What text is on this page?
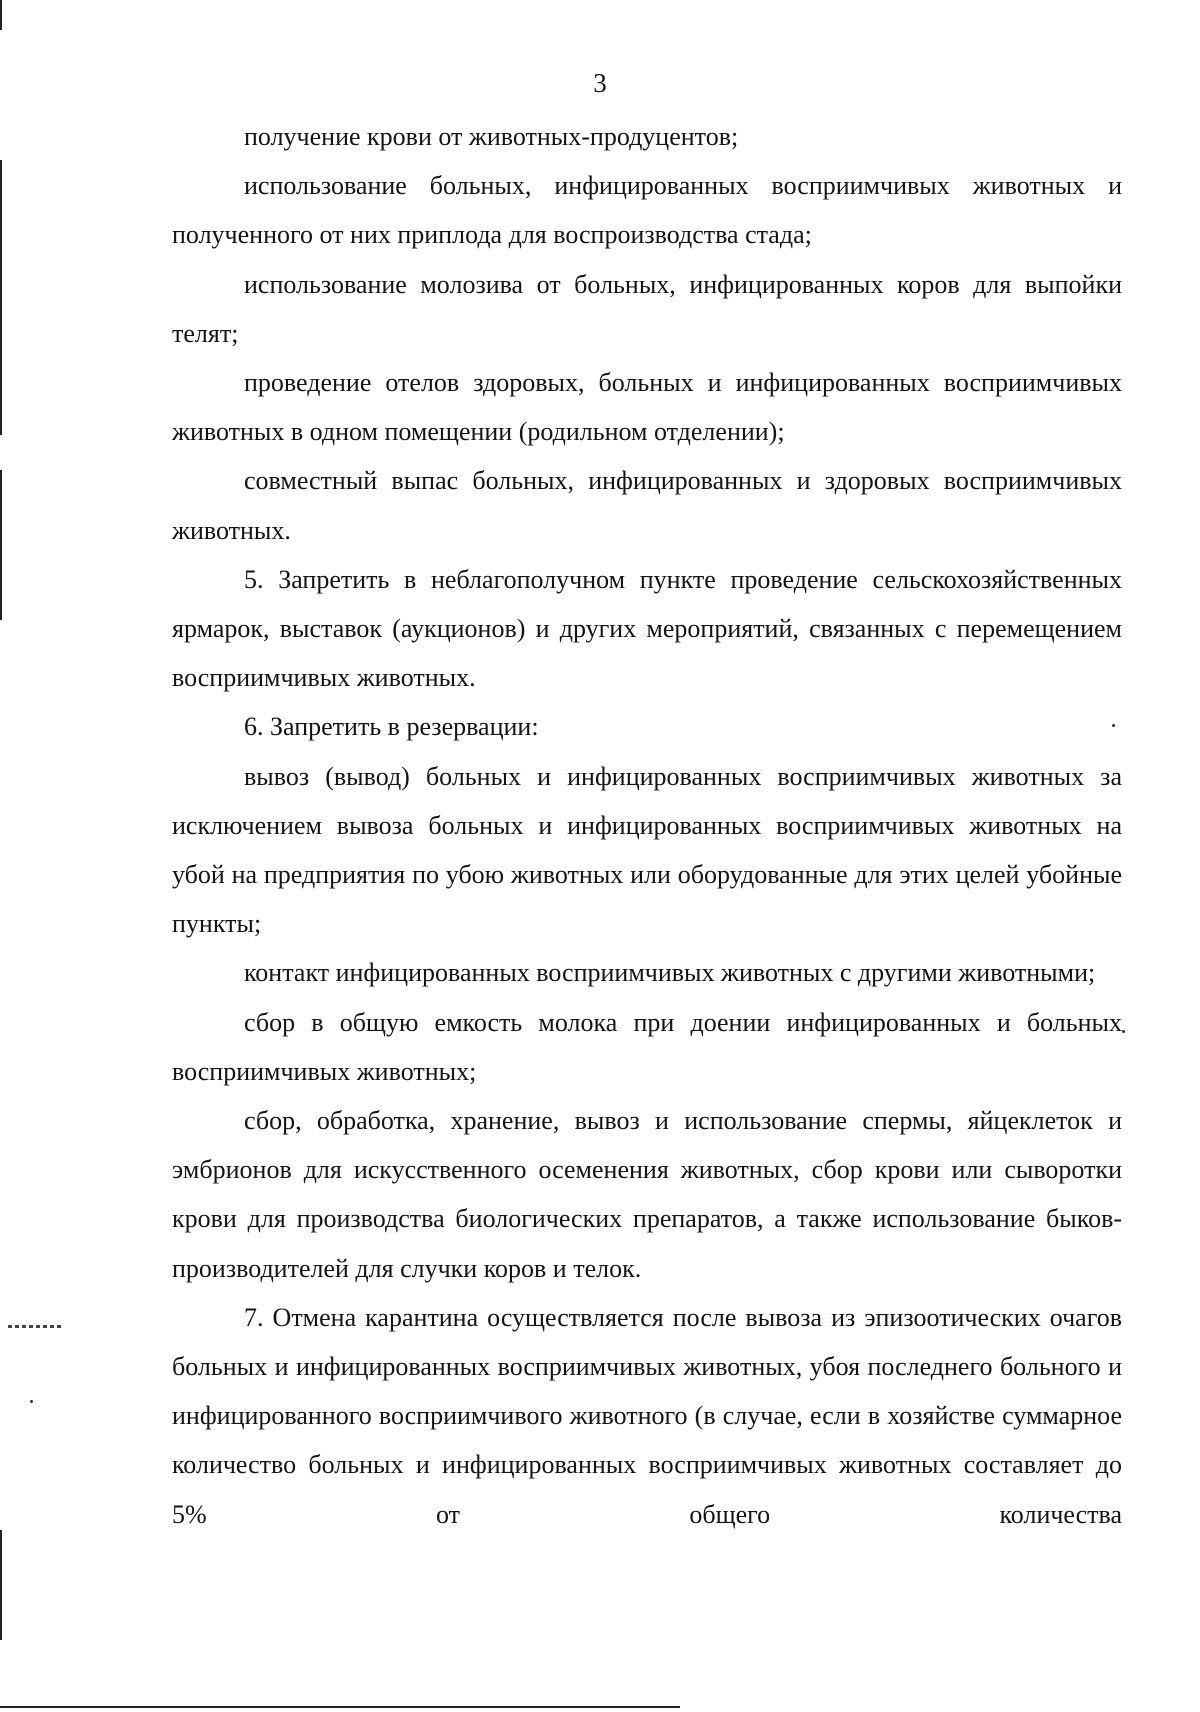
3

получение крови от животных-продуцентов;

использование больных, инфицированных восприимчивых животных и полученного от них приплода для воспроизводства стада;

использование молозива от больных, инфицированных коров для выпойки телят;

проведение отелов здоровых, больных и инфицированных восприимчивых животных в одном помещении (родильном отделении);

совместный выпас больных, инфицированных и здоровых восприимчивых животных.

5. Запретить в неблагополучном пункте проведение сельскохозяйственных ярмарок, выставок (аукционов) и других мероприятий, связанных с перемещением восприимчивых животных.

6. Запретить в резервации:

вывоз (вывод) больных и инфицированных восприимчивых животных за исключением вывоза больных и инфицированных восприимчивых животных на убой на предприятия по убою животных или оборудованные для этих целей убойные пункты;

контакт инфицированных восприимчивых животных с другими животными;

сбор в общую емкость молока при доении инфицированных и больных восприимчивых животных;

сбор, обработка, хранение, вывоз и использование спермы, яйцеклеток и эмбрионов для искусственного осеменения животных, сбор крови или сыворотки крови для производства биологических препаратов, а также использование быков-производителей для случки коров и телок.

7. Отмена карантина осуществляется после вывоза из эпизоотических очагов больных и инфицированных восприимчивых животных, убоя последнего больного и инфицированного восприимчивого животного (в случае, если в хозяйстве суммарное количество больных и инфицированных восприимчивых животных составляет до 5% от общего количества
